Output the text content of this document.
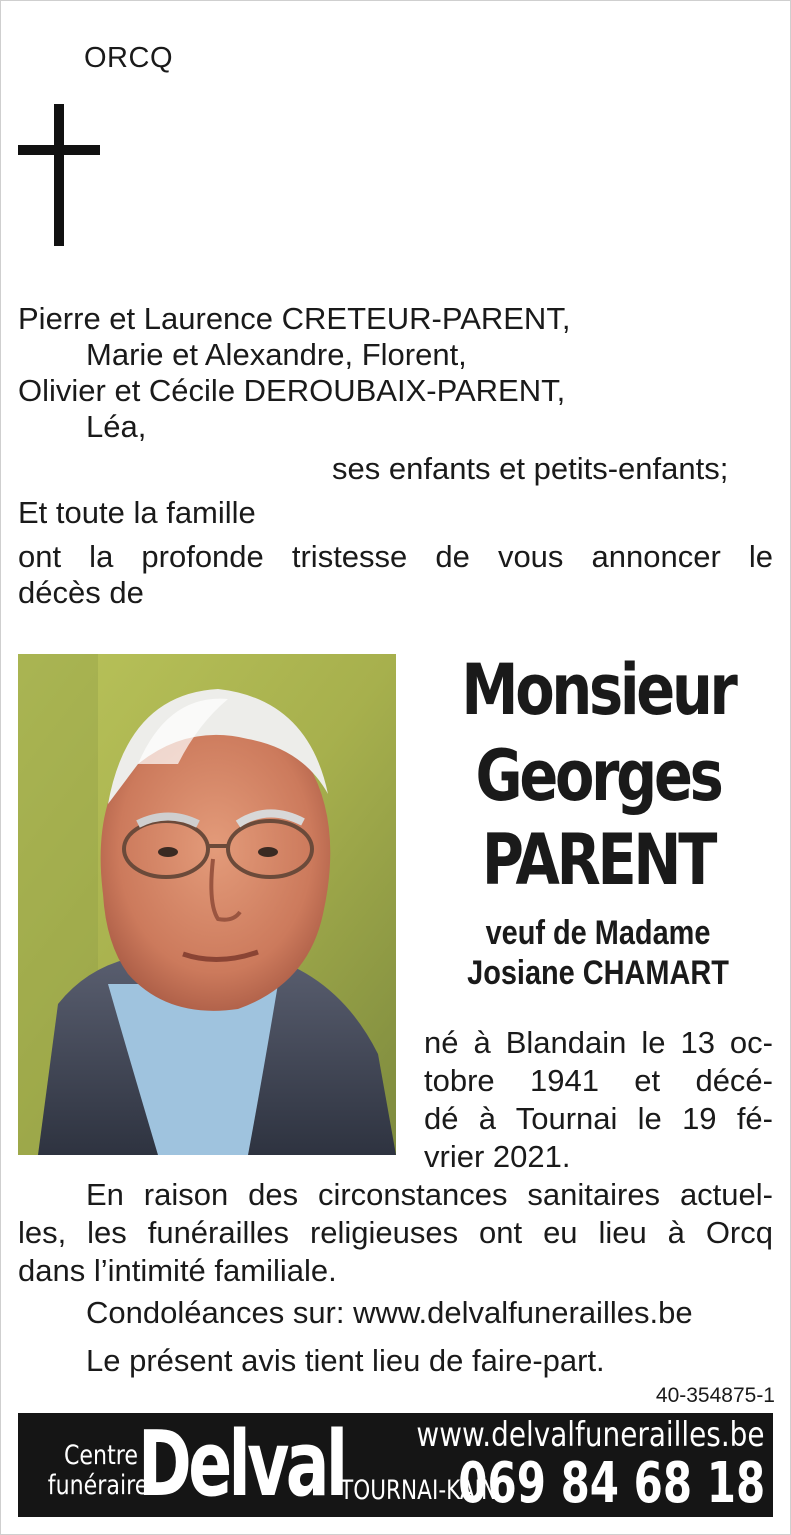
ORCQ
Pierre et Laurence CRETEUR-PARENT,
Marie et Alexandre, Florent,
Olivier et Cécile DEROUBAIX-PARENT,
Léa,
ses enfants et petits-enfants;
Et toute la famille
ont la profonde tristesse de vous annoncer le
décès de
Monsieur
Georges
PARENT
veuf de Madame
Josiane CHAMART
né à Blandain le 13 oc-
tobre 1941 et décé-
dé à Tournai le 19 fé-
vrier 2021.
En raison des circonstances sanitaires actuel-
les, les funérailles religieuses ont eu lieu à Orcq
dans l’intimité familiale.
Condoléances sur: www.delvalfunerailles.be
Le présent avis tient lieu de faire-part.
40-354875-1
Centre
funéraire
Delval www.delvalfunerailles.be
TOURNAI-KAIN
069 84 68 18
